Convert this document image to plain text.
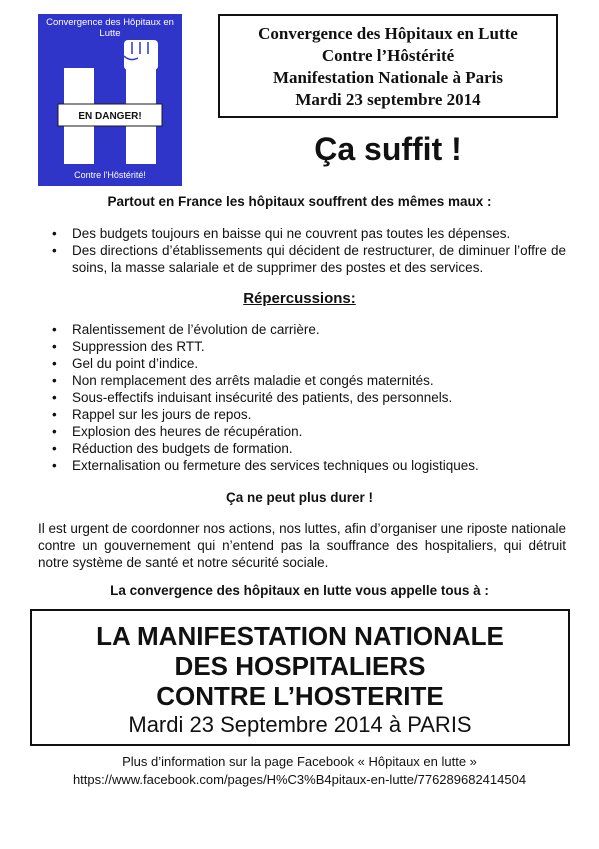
EN DANGER!
Convergence des Hôpitaux en Lutte
Contre l'Hôstérité!
Convergence des Hôpitaux en Lutte
Contre l’Hôstérité
Manifestation Nationale à Paris
Mardi 23 septembre 2014
Ça suffit !
Partout en France les hôpitaux souffrent des mêmes maux :
• Des budgets toujours en baisse qui ne couvrent pas toutes les dépenses.
• Des directions d’établissements qui décident de restructurer, de diminuer l’offre de soins, la masse salariale et de supprimer des postes et des services.
Répercussions:
• Ralentissement de l’évolution de carrière.
• Suppression des RTT.
• Gel du point d’indice.
• Non remplacement des arrêts maladie et congés maternités.
• Sous-effectifs induisant insécurité des patients, des personnels.
• Rappel sur les jours de repos.
• Explosion des heures de récupération.
• Réduction des budgets de formation.
• Externalisation ou fermeture des services techniques ou logistiques.
Ça ne peut plus durer !
Il est urgent de coordonner nos actions, nos luttes, afin d’organiser une riposte nationale contre un gouvernement qui n’entend pas la souffrance des hospitaliers, qui détruit notre système de santé et notre sécurité sociale.
La convergence des hôpitaux en lutte vous appelle tous à :
LA MANIFESTATION NATIONALE
DES HOSPITALIERS
CONTRE L’HOSTERITE
Mardi 23 Septembre 2014 à PARIS
Plus d’information sur la page Facebook « Hôpitaux en lutte »
https://www.facebook.com/pages/H%C3%B4pitaux-en-lutte/776289682414504
